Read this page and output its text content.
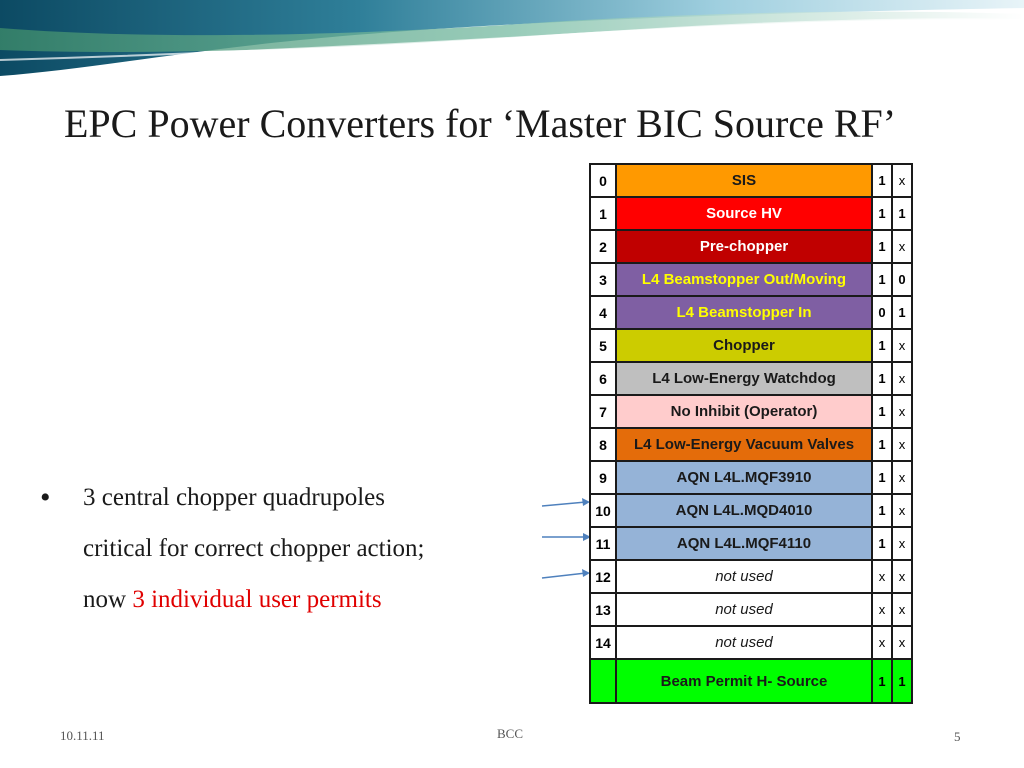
EPC Power Converters for ‘Master BIC Source RF’
• 3 central chopper quadrupoles
critical for correct chopper action;
now 3 individual user permits
0	SIS	1	x
1	Source HV	1	1
2	Pre-chopper	1	x
3	L4 Beamstopper Out/Moving	1	0
4	L4 Beamstopper In	0	1
5	Chopper	1	x
6	L4 Low-Energy Watchdog	1	x
7	No Inhibit (Operator)	1	x
8	L4 Low-Energy Vacuum Valves	1	x
9	AQN L4L.MQF3910	1	x
10	AQN L4L.MQD4010	1	x
11	AQN L4L.MQF4110	1	x
12	not used	x	x
13	not used	x	x
14	not used	x	x
	Beam Permit H- Source	1	1
10.11.11	BCC	5
